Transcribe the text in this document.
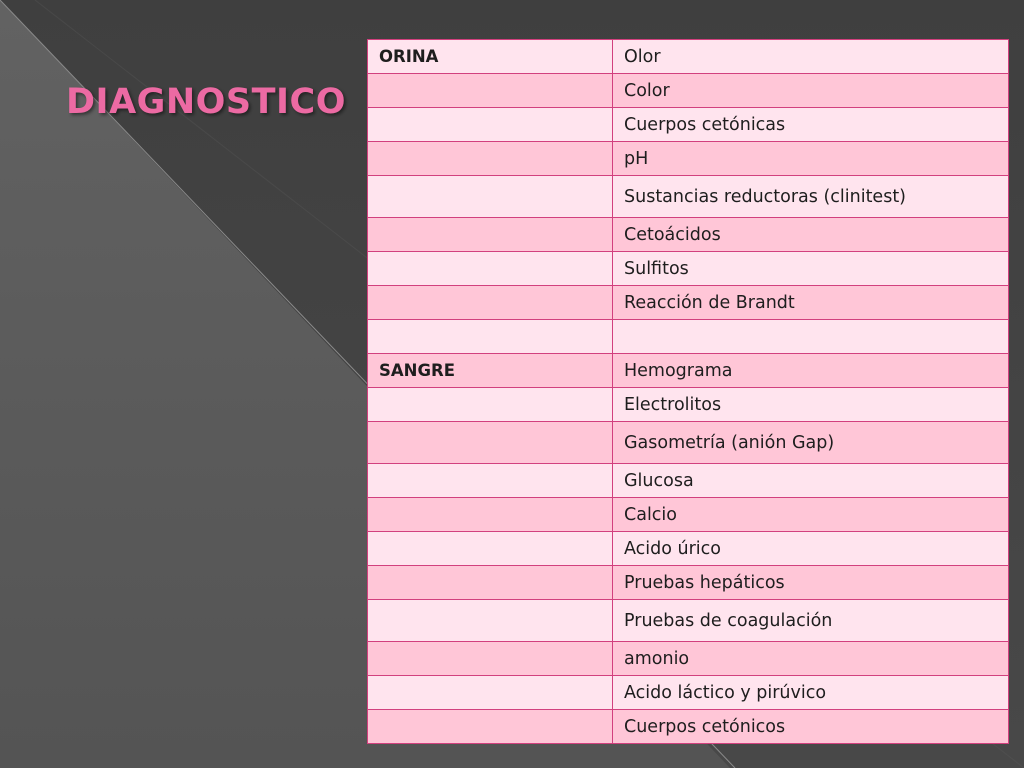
DIAGNOSTICO
ORINA	Olor
	Color
	Cuerpos cetónicas
	pH
	Sustancias reductoras (clinitest)
	Cetoácidos
	Sulfitos
	Reacción de Brandt

SANGRE	Hemograma
	Electrolitos
	Gasometría (anión Gap)
	Glucosa
	Calcio
	Acido úrico
	Pruebas hepáticos
	Pruebas de coagulación
	amonio
	Acido láctico y pirúvico
	Cuerpos cetónicos
